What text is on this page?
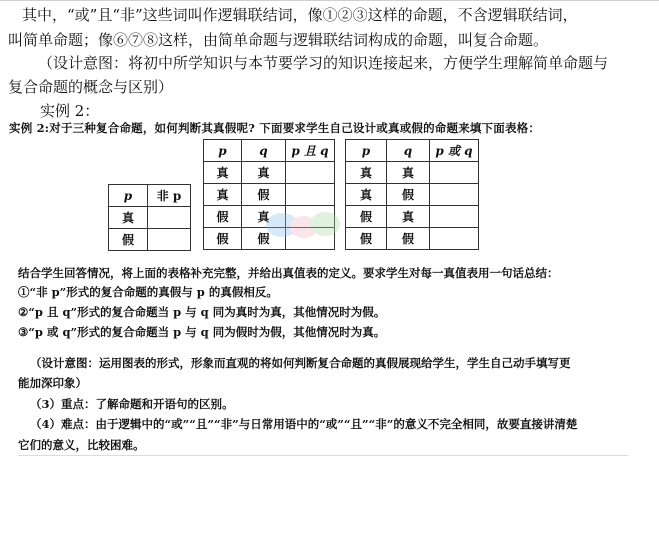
其中，“或”且“非”这些词叫作逻辑联结词，像①②③这样的命题，不含逻辑联结词，
叫简单命题；像⑥⑦⑧这样，由简单命题与逻辑联结词构成的命题，叫复合命题。
（设计意图：将初中所学知识与本节要学习的知识连接起来，方便学生理解简单命题与
复合命题的概念与区别）
实例 2：
实例 2:对于三种复合命题，如何判断其真假呢? 下面要求学生自己设计或真或假的命题来填下面表格：
p	非 p
真	
假	
p	q	p 且 q
真	真	
真	假	
假	真	
假	假	
p	q	p 或 q
真	真	
真	假	
假	真	
假	假	
结合学生回答情况，将上面的表格补充完整，并给出真值表的定义。要求学生对每一真值表用一句话总结：
①“非 p”形式的复合命题的真假与 p 的真假相反。
②“p 且 q”形式的复合命题当 p 与 q 同为真时为真，其他情况时为假。
③“p 或 q”形式的复合命题当 p 与 q 同为假时为假，其他情况时为真。
（设计意图：运用图表的形式，形象而直观的将如何判断复合命题的真假展现给学生，学生自己动手填写更
能加深印象）
（3）重点：了解命题和开语句的区别。
（4）难点：由于逻辑中的“或”“且”“非”与日常用语中的“或”“且”“非”的意义不完全相同，故要直接讲清楚
它们的意义，比较困难。
